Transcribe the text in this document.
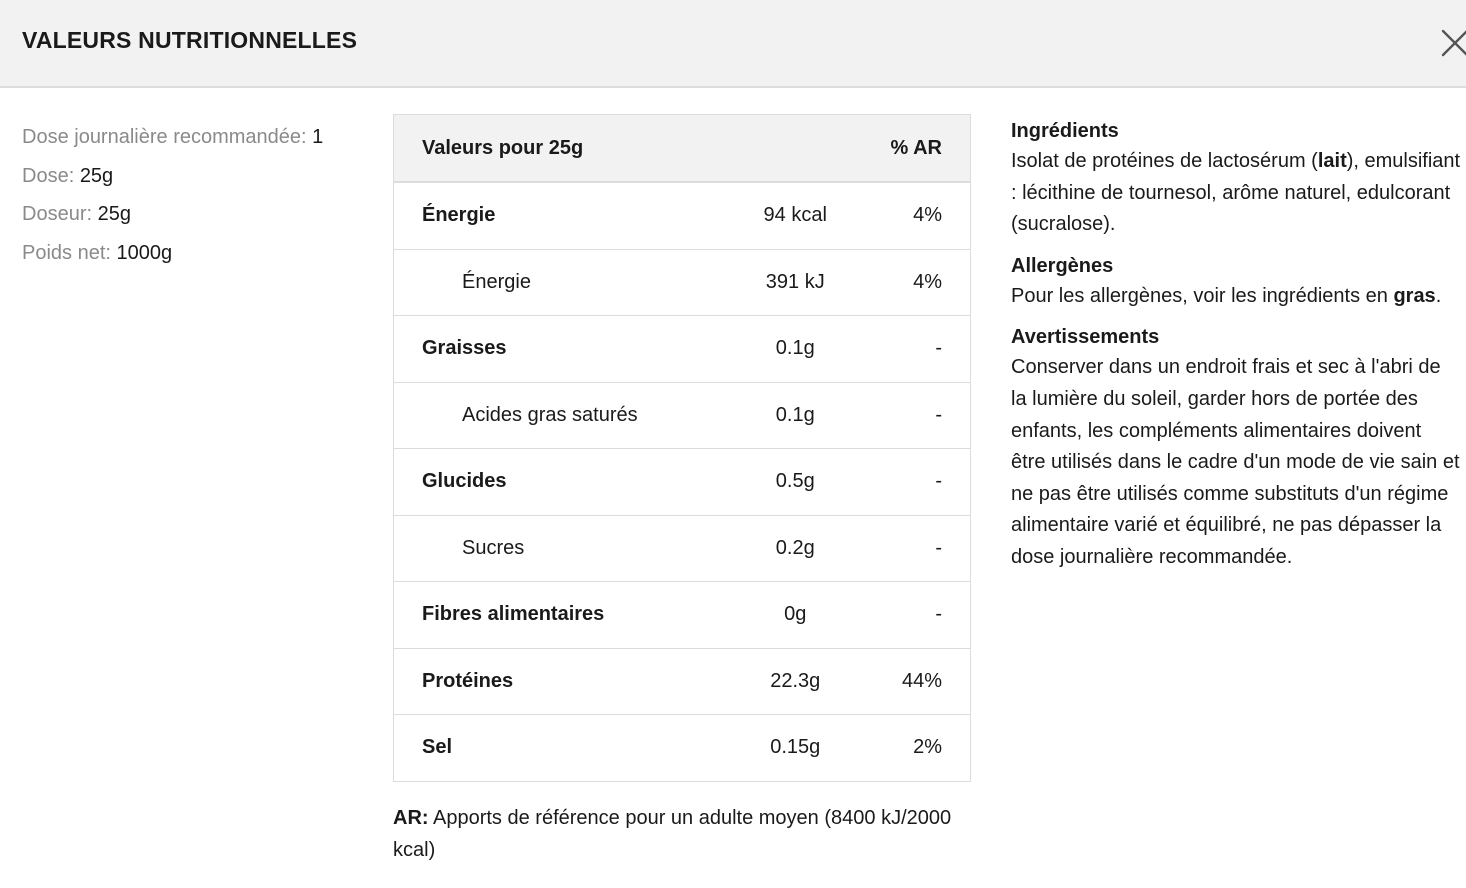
VALEURS NUTRITIONNELLES
Dose journalière recommandée: 1
Dose: 25g
Doseur: 25g
Poids net: 1000g
Valeurs pour 25g		% AR
Énergie	94 kcal	4%
Énergie	391 kJ	4%
Graisses	0.1g	-
Acides gras saturés	0.1g	-
Glucides	0.5g	-
Sucres	0.2g	-
Fibres alimentaires	0g	-
Protéines	22.3g	44%
Sel	0.15g	2%
AR: Apports de référence pour un adulte moyen (8400 kJ/2000 kcal)
Ingrédients
Isolat de protéines de lactosérum (lait), emulsifiant : lécithine de tournesol, arôme naturel, edulcorant (sucralose).
Allergènes
Pour les allergènes, voir les ingrédients en gras.
Avertissements
Conserver dans un endroit frais et sec à l'abri de la lumière du soleil, garder hors de portée des enfants, les compléments alimentaires doivent être utilisés dans le cadre d'un mode de vie sain et ne pas être utilisés comme substituts d'un régime alimentaire varié et équilibré, ne pas dépasser la dose journalière recommandée.
